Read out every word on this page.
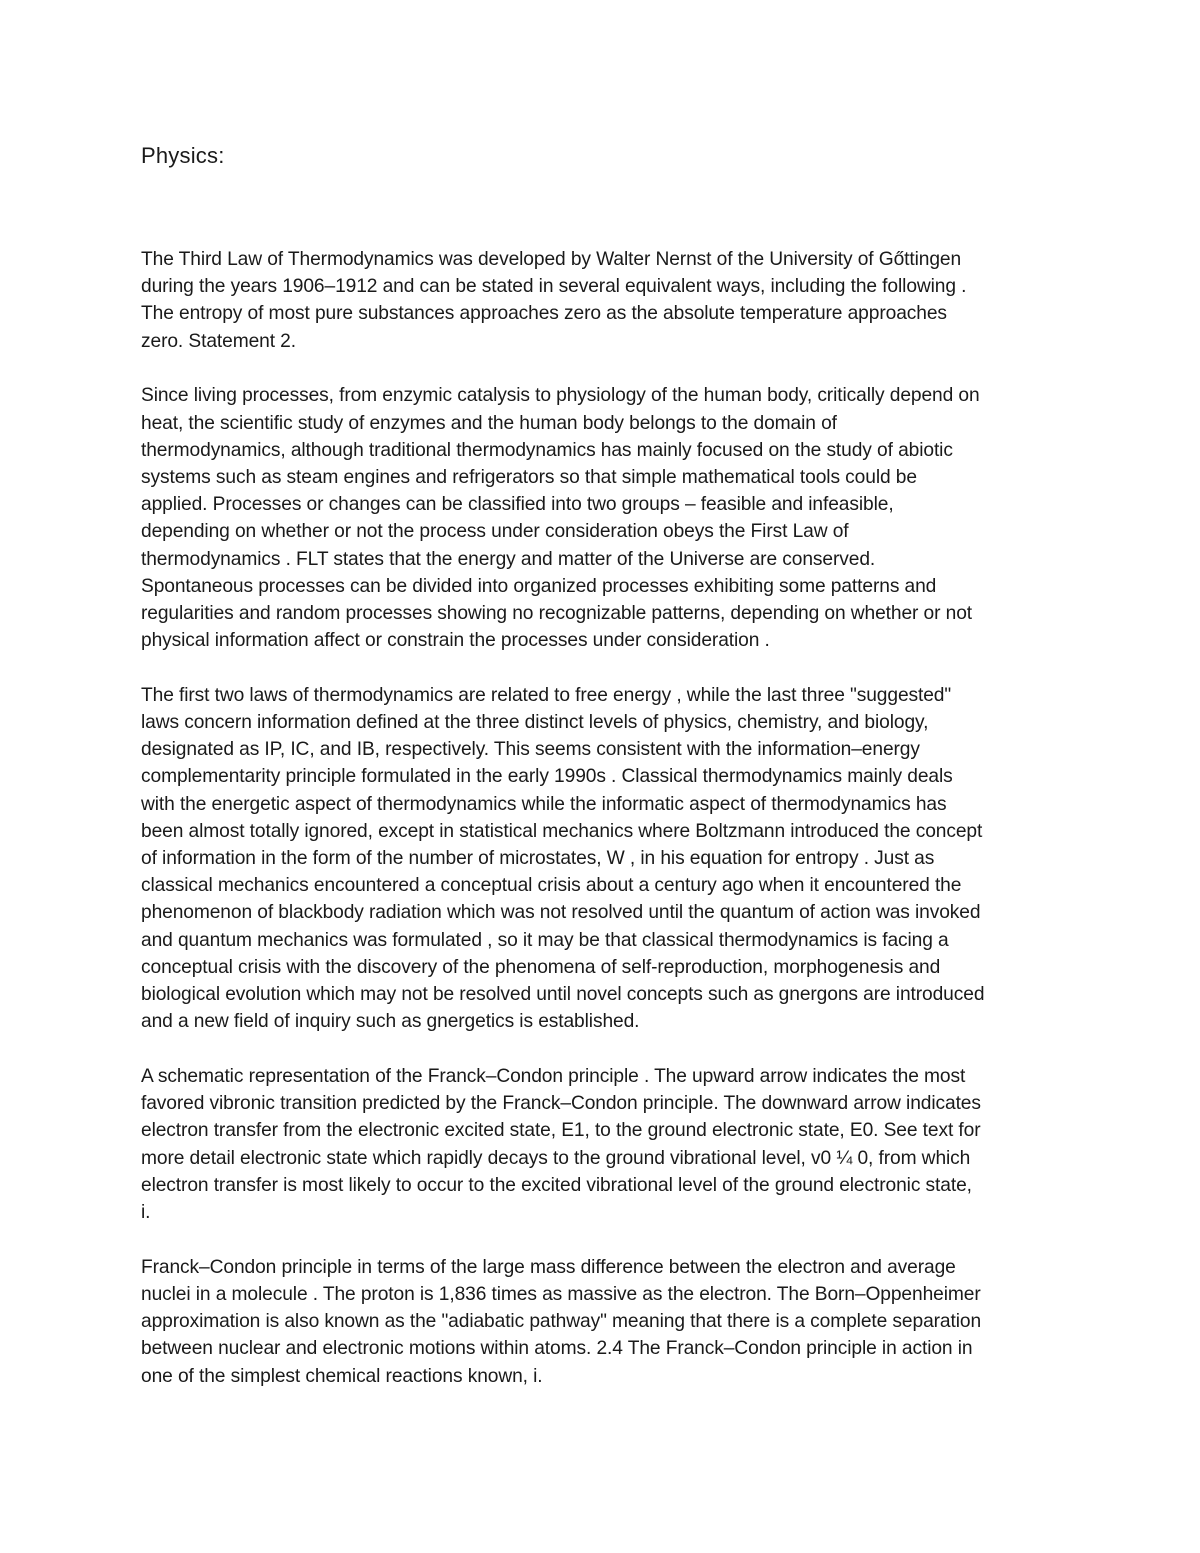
Physics:
The Third Law of Thermodynamics was developed by Walter Nernst of the University of Gőttingen
during the years 1906–1912 and can be stated in several equivalent ways, including the following .
The entropy of most pure substances approaches zero as the absolute temperature approaches
zero. Statement 2.
Since living processes, from enzymic catalysis to physiology of the human body, critically depend on
heat, the scientific study of enzymes and the human body belongs to the domain of
thermodynamics, although traditional thermodynamics has mainly focused on the study of abiotic
systems such as steam engines and refrigerators so that simple mathematical tools could be
applied. Processes or changes can be classified into two groups – feasible and infeasible,
depending on whether or not the process under consideration obeys the First Law of
thermodynamics . FLT states that the energy and matter of the Universe are conserved.
Spontaneous processes can be divided into organized processes exhibiting some patterns and
regularities and random processes showing no recognizable patterns, depending on whether or not
physical information affect or constrain the processes under consideration .
The first two laws of thermodynamics are related to free energy , while the last three "suggested"
laws concern information defined at the three distinct levels of physics, chemistry, and biology,
designated as IP, IC, and IB, respectively. This seems consistent with the information–energy
complementarity principle formulated in the early 1990s . Classical thermodynamics mainly deals
with the energetic aspect of thermodynamics while the informatic aspect of thermodynamics has
been almost totally ignored, except in statistical mechanics where Boltzmann introduced the concept
of information in the form of the number of microstates, W , in his equation for entropy . Just as
classical mechanics encountered a conceptual crisis about a century ago when it encountered the
phenomenon of blackbody radiation which was not resolved until the quantum of action was invoked
and quantum mechanics was formulated , so it may be that classical thermodynamics is facing a
conceptual crisis with the discovery of the phenomena of self-reproduction, morphogenesis and
biological evolution which may not be resolved until novel concepts such as gnergons are introduced
and a new field of inquiry such as gnergetics is established.
A schematic representation of the Franck–Condon principle . The upward arrow indicates the most
favored vibronic transition predicted by the Franck–Condon principle. The downward arrow indicates
electron transfer from the electronic excited state, E1, to the ground electronic state, E0. See text for
more detail electronic state which rapidly decays to the ground vibrational level, v0 ¼ 0, from which
electron transfer is most likely to occur to the excited vibrational level of the ground electronic state,
i.
Franck–Condon principle in terms of the large mass difference between the electron and average
nuclei in a molecule . The proton is 1,836 times as massive as the electron. The Born–Oppenheimer
approximation is also known as the "adiabatic pathway" meaning that there is a complete separation
between nuclear and electronic motions within atoms. 2.4 The Franck–Condon principle in action in
one of the simplest chemical reactions known, i.
